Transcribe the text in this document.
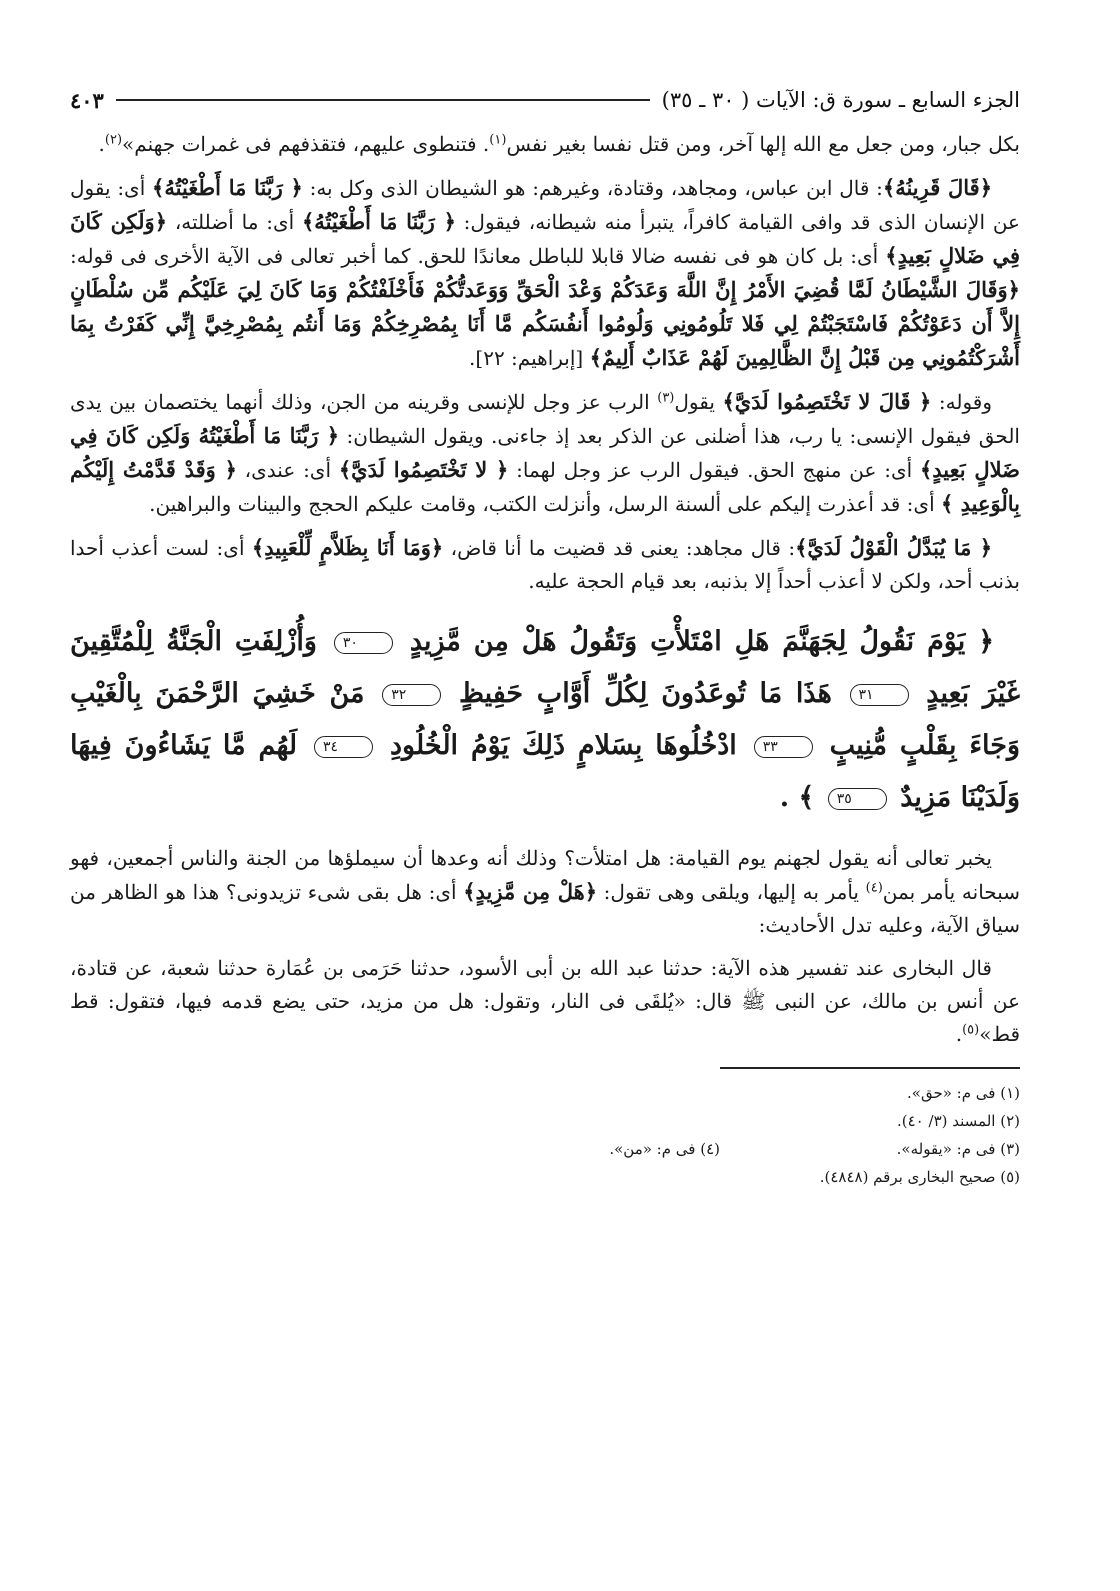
الجزء السابع ـ سورة ق: الآيات ( ٣٠ ـ ٣٥)
٤٠٣

بكل جبار، ومن جعل مع الله إلها آخر، ومن قتل نفسا بغير نفس$^{(١)}$. فتنطوى عليهم، فتقذفهم فى غمرات جهنم»$^{(٢)}$.

﴿قَالَ قَرِينُهُ﴾: قال ابن عباس، ومجاهد، وقتادة، وغيرهم: هو الشيطان الذى وكل به: ﴿ رَبَّنَا مَا أَطْغَيْتُهُ﴾ أى: يقول عن الإنسان الذى قد وافى القيامة كافراً، يتبرأ منه شيطانه، فيقول: ﴿ رَبَّنَا مَا أَطْغَيْتُهُ﴾ أى: ما أضللته، ﴿وَلَكِن كَانَ فِي ضَلالٍ بَعِيدٍ﴾ أى: بل كان هو فى نفسه ضالا قابلا للباطل معاندًا للحق. كما أخبر تعالى فى الآية الأخرى فى قوله: ﴿وَقَالَ الشَّيْطَانُ لَمَّا قُضِيَ الأَمْرُ إِنَّ اللَّهَ وَعَدَكُمْ وَعْدَ الْحَقِّ وَوَعَدتُّكُمْ فَأَخْلَفْتُكُمْ وَمَا كَانَ لِيَ عَلَيْكُم مِّن سُلْطَانٍ إِلاَّ أَن دَعَوْتُكُمْ فَاسْتَجَبْتُمْ لِي فَلا تَلُومُونِي وَلُومُوا أَنفُسَكُم مَّا أَنَا بِمُصْرِخِكُمْ وَمَا أَنتُم بِمُصْرِخِيَّ إِنِّي كَفَرْتُ بِمَا أَشْرَكْتُمُونِي مِن قَبْلُ إِنَّ الظَّالِمِينَ لَهُمْ عَذَابٌ أَلِيمٌ﴾ [إبراهيم: ٢٢].

وقوله: ﴿ قَالَ لا تَخْتَصِمُوا لَدَيَّ﴾ يقول$^{(٣)}$ الرب عز وجل للإنسى وقرينه من الجن، وذلك أنهما يختصمان بين يدى الحق فيقول الإنسى: يا رب، هذا أضلنى عن الذكر بعد إذ جاءنى. ويقول الشيطان: ﴿ رَبَّنَا مَا أَطْغَيْتُهُ وَلَكِن كَانَ فِي ضَلالٍ بَعِيدٍ﴾ أى: عن منهج الحق. فيقول الرب عز وجل لهما: ﴿ لا تَخْتَصِمُوا لَدَيَّ﴾ أى: عندى، ﴿ وَقَدْ قَدَّمْتُ إِلَيْكُم بِالْوَعِيدِ ﴾ أى: قد أعذرت إليكم على ألسنة الرسل، وأنزلت الكتب، وقامت عليكم الحجج والبينات والبراهين.

﴿ مَا يُبَدَّلُ الْقَوْلُ لَدَيَّ﴾: قال مجاهد: يعنى قد قضيت ما أنا قاض، ﴿وَمَا أَنَا بِظَلاَّمٍ لِّلْعَبِيدِ﴾ أى: لست أعذب أحدا بذنب أحد، ولكن لا أعذب أحداً إلا بذنبه، بعد قيام الحجة عليه.

﴿ يَوْمَ نَقُولُ لِجَهَنَّمَ هَلِ امْتَلأْتِ وَتَقُولُ هَلْ مِن مَّزِيدٍ ٣٠ وَأُزْلِفَتِ الْجَنَّةُ لِلْمُتَّقِينَ غَيْرَ بَعِيدٍ ٣١ هَذَا مَا تُوعَدُونَ لِكُلِّ أَوَّابٍ حَفِيظٍ ٣٢ مَنْ خَشِيَ الرَّحْمَنَ بِالْغَيْبِ وَجَاءَ بِقَلْبٍ مُّنِيبٍ ٣٣ ادْخُلُوهَا بِسَلامٍ ذَلِكَ يَوْمُ الْخُلُودِ ٣٤ لَهُم مَّا يَشَاءُونَ فِيهَا وَلَدَيْنَا مَزِيدٌ ٣٥ ﴾ .

يخبر تعالى أنه يقول لجهنم يوم القيامة: هل امتلأت؟ وذلك أنه وعدها أن سيملؤها من الجنة والناس أجمعين، فهو سبحانه يأمر بمن$^{(٤)}$ يأمر به إليها، ويلقى وهى تقول: ﴿هَلْ مِن مَّزِيدٍ﴾ أى: هل بقى شىء تزيدونى؟ هذا هو الظاهر من سياق الآية، وعليه تدل الأحاديث:

قال البخارى عند تفسير هذه الآية: حدثنا عبد الله بن أبى الأسود، حدثنا حَرَمى بن عُمَارة حدثنا شعبة، عن قتادة، عن أنس بن مالك، عن النبى ﷺ قال: «يُلقَى فى النار، وتقول: هل من مزيد، حتى يضع قدمه فيها، فتقول: قط قط»$^{(٥)}$.

(١) فى م: «حق».
(٢) المسند (٣/ ٤٠).
(٣) فى م: «يقوله».
(٤) فى م: «من».
(٥) صحيح البخارى برقم (٤٨٤٨).
